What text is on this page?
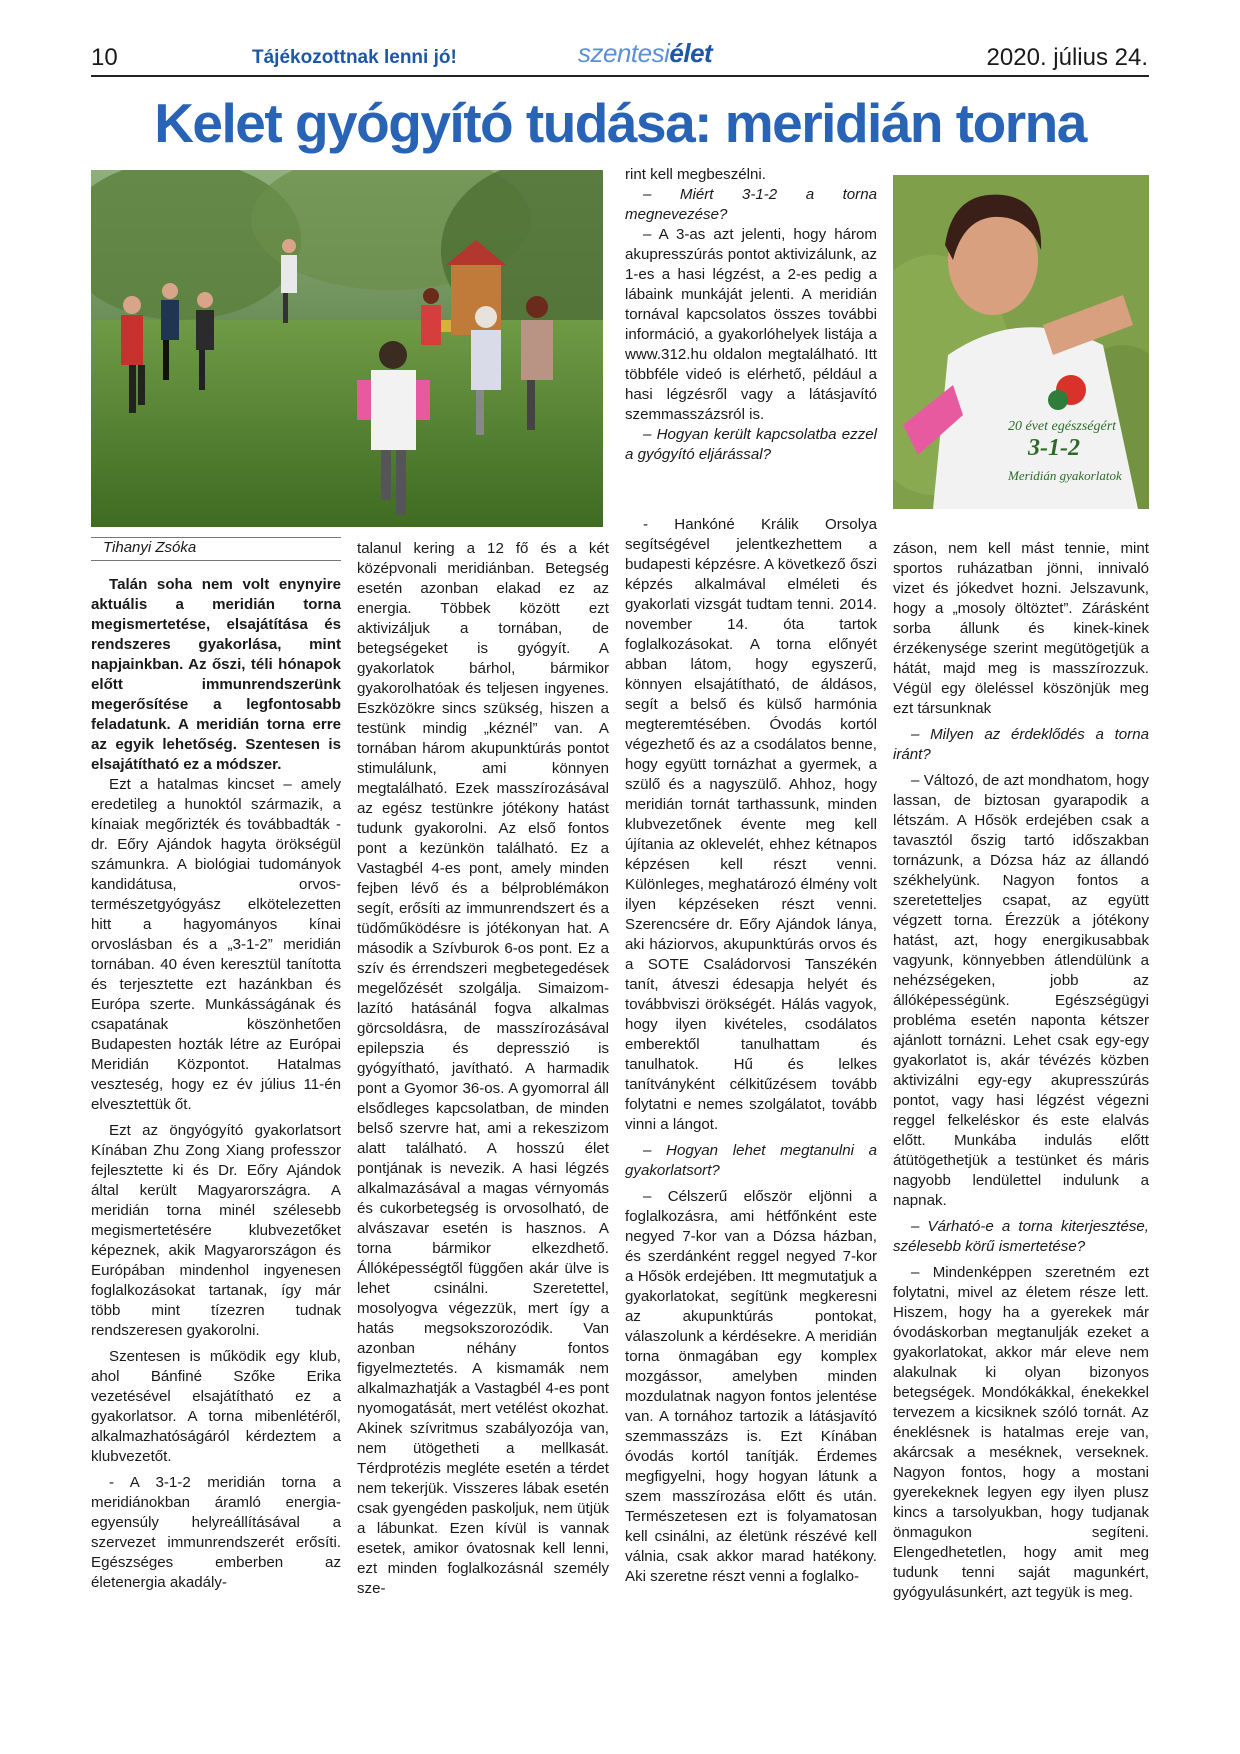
10	Tájékozottnak lenni jó!	szentesiélet	2020. július 24.
Kelet gyógyító tudása: meridián torna
20 évet egészségért
3-1-2
Meridián gyakorlatok
Tihanyi Zsóka

Talán soha nem volt enynyire aktuális a meridián torna megismertetése, elsajátítása és rendszeres gyakorlása, mint napjainkban. Az őszi, téli hónapok előtt immunrendszerünk megerősítése a legfontosabb feladatunk. A meridián torna erre az egyik lehetőség. Szentesen is elsajátítható ez a módszer.

Ezt a hatalmas kincset – amely eredetileg a hunoktól származik, a kínaiak megőrizték és továbbadták - dr. Eőry Ajándok hagyta örökségül számunkra. A biológiai tudományok kandidátusa, orvos-természetgyógyász elkötelezetten hitt a hagyományos kínai orvoslásban és a „3-1-2” meridián tornában. 40 éven keresztül tanította és terjesztette ezt hazánkban és Európa szerte. Munkásságának és csapatának köszönhetően Budapesten hozták létre az Európai Meridián Központot. Hatalmas veszteség, hogy ez év július 11-én elvesztettük őt.

Ezt az öngyógyító gyakorlatsort Kínában Zhu Zong Xiang professzor fejlesztette ki és Dr. Eőry Ajándok által került Magyarországra. A meridián torna minél szélesebb megismertetésére klubvezetőket képeznek, akik Magyarországon és Európában mindenhol ingyenesen foglalkozásokat tartanak, így már több mint tízezren tudnak rendszeresen gyakorolni.

Szentesen is működik egy klub, ahol Bánfiné Szőke Erika vezetésével elsajátítható ez a gyakorlatsor. A torna mibenlétéről, alkalmazhatóságáról kérdeztem a klubvezetőt.

- A 3-1-2 meridián torna a meridiánokban áramló energia-egyensúly helyreállításával a szervezet immunrendszerét erősíti. Egészséges emberben az életenergia akadály-

talanul kering a 12 fő és a két középvonali meridiánban. Betegség esetén azonban elakad ez az energia. Többek között ezt aktivizáljuk a tornában, de betegségeket is gyógyít. A gyakorlatok bárhol, bármikor gyakorolhatóak és teljesen ingyenes. Eszközökre sincs szükség, hiszen a testünk mindig „kéznél” van. A tornában három akupunktúrás pontot stimulálunk, ami könnyen megtalálható. Ezek masszírozásával az egész testünkre jótékony hatást tudunk gyakorolni. Az első fontos pont a kezünkön található. Ez a Vastagbél 4-es pont, amely minden fejben lévő és a bélproblémákon segít, erősíti az immunrendszert és a tüdőműködésre is jótékonyan hat. A második a Szívburok 6-os pont. Ez a szív és érrendszeri megbetegedések megelőzését szolgálja. Simaizom-lazító hatásánál fogva alkalmas görcsoldásra, de masszírozásával epilepszia és depresszió is gyógyítható, javítható. A harmadik pont a Gyomor 36-os. A gyomorral áll elsődleges kapcsolatban, de minden belső szervre hat, ami a rekeszizom alatt található. A hosszú élet pontjának is nevezik. A hasi légzés alkalmazásával a magas vérnyomás és cukorbetegség is orvosolható, de alvászavar esetén is hasznos. A torna bármikor elkezdhető. Állóképességtől függően akár ülve is lehet csinálni. Szeretettel, mosolyogva végezzük, mert így a hatás megsokszorozódik. Van azonban néhány fontos figyelmeztetés. A kismamák nem alkalmazhatják a Vastagbél 4-es pont nyomogatását, mert vetélést okozhat. Akinek szívritmus szabályozója van, nem ütögetheti a mellkasát. Térdprotézis megléte esetén a térdet nem tekerjük. Visszeres lábak esetén csak gyengéden paskoljuk, nem ütjük a lábunkat. Ezen kívül is vannak esetek, amikor óvatosnak kell lenni, ezt minden foglalkozásnál személy sze-

rint kell megbeszélni.

– Miért 3-1-2 a torna megnevezése?

– A 3-as azt jelenti, hogy három akupresszúrás pontot aktivizálunk, az 1-es a hasi légzést, a 2-es pedig a lábaink munkáját jelenti. A meridián tornával kapcsolatos összes további információ, a gyakorlóhelyek listája a www.312.hu oldalon megtalálható. Itt többféle videó is elérhető, például a hasi légzésről vagy a látásjavító szemmasszázsról is.

– Hogyan került kapcsolatba ezzel a gyógyító eljárással?

- Hankóné Králik Orsolya segítségével jelentkezhettem a budapesti képzésre. A következő őszi képzés alkalmával elméleti és gyakorlati vizsgát tudtam tenni. 2014. november 14. óta tartok foglalkozásokat. A torna előnyét abban látom, hogy egyszerű, könnyen elsajátítható, de áldásos, segít a belső és külső harmónia megteremtésében. Óvodás kortól végezhető és az a csodálatos benne, hogy együtt tornázhat a gyermek, a szülő és a nagyszülő. Ahhoz, hogy meridián tornát tarthassunk, minden klubvezetőnek évente meg kell újítania az oklevelét, ehhez kétnapos képzésen kell részt venni. Különleges, meghatározó élmény volt ilyen képzéseken részt venni. Szerencsére dr. Eőry Ajándok lánya, aki háziorvos, akupunktúrás orvos és a SOTE Családorvosi Tanszékén tanít, átveszi édesapja helyét és továbbviszi örökségét. Hálás vagyok, hogy ilyen kivételes, csodálatos emberektől tanulhattam és tanulhatok. Hű és lelkes tanítványként célkitűzésem tovább folytatni e nemes szolgálatot, tovább vinni a lángot.

– Hogyan lehet megtanulni a gyakorlatsort?

– Célszerű először eljönni a foglalkozásra, ami hétfőnként este negyed 7-kor van a Dózsa házban, és szerdánként reggel negyed 7-kor a Hősök erdejében. Itt megmutatjuk a gyakorlatokat, segítünk megkeresni az akupunktúrás pontokat, válaszolunk a kérdésekre. A meridián torna önmagában egy komplex mozgássor, amelyben minden mozdulatnak nagyon fontos jelentése van. A tornához tartozik a látásjavító szemmasszázs is. Ezt Kínában óvodás kortól tanítják. Érdemes megfigyelni, hogy hogyan látunk a szem masszírozása előtt és után. Természetesen ezt is folyamatosan kell csinálni, az életünk részévé kell válnia, csak akkor marad hatékony. Aki szeretne részt venni a foglalko-

záson, nem kell mást tennie, mint sportos ruházatban jönni, innivaló vizet és jókedvet hozni. Jelszavunk, hogy a „mosoly öltöztet”. Zárásként sorba állunk és kinek-kinek érzékenysége szerint megütögetjük a hátát, majd meg is masszírozzuk. Végül egy öleléssel köszönjük meg ezt társunknak

– Milyen az érdeklődés a torna iránt?

– Változó, de azt mondhatom, hogy lassan, de biztosan gyarapodik a létszám. A Hősök erdejében csak a tavasztól őszig tartó időszakban tornázunk, a Dózsa ház az állandó székhelyünk. Nagyon fontos a szeretetteljes csapat, az együtt végzett torna. Érezzük a jótékony hatást, azt, hogy energikusabbak vagyunk, könnyebben átlendülünk a nehézségeken, jobb az állóképességünk. Egészségügyi probléma esetén naponta kétszer ajánlott tornázni. Lehet csak egy-egy gyakorlatot is, akár tévézés közben aktivizálni egy-egy akupresszúrás pontot, vagy hasi légzést végezni reggel felkeléskor és este elalvás előtt. Munkába indulás előtt átütögethetjük a testünket és máris nagyobb lendülettel indulunk a napnak.

– Várható-e a torna kiterjesztése, szélesebb körű ismertetése?

– Mindenképpen szeretném ezt folytatni, mivel az életem része lett. Hiszem, hogy ha a gyerekek már óvodáskorban megtanulják ezeket a gyakorlatokat, akkor már eleve nem alakulnak ki olyan bizonyos betegségek. Mondókákkal, énekekkel tervezem a kicsiknek szóló tornát. Az éneklésnek is hatalmas ereje van, akárcsak a meséknek, verseknek. Nagyon fontos, hogy a mostani gyerekeknek legyen egy ilyen plusz kincs a tarsolyukban, hogy tudjanak önmagukon segíteni. Elengedhetetlen, hogy amit meg tudunk tenni saját magunkért, gyógyulásunkért, azt tegyük is meg.
